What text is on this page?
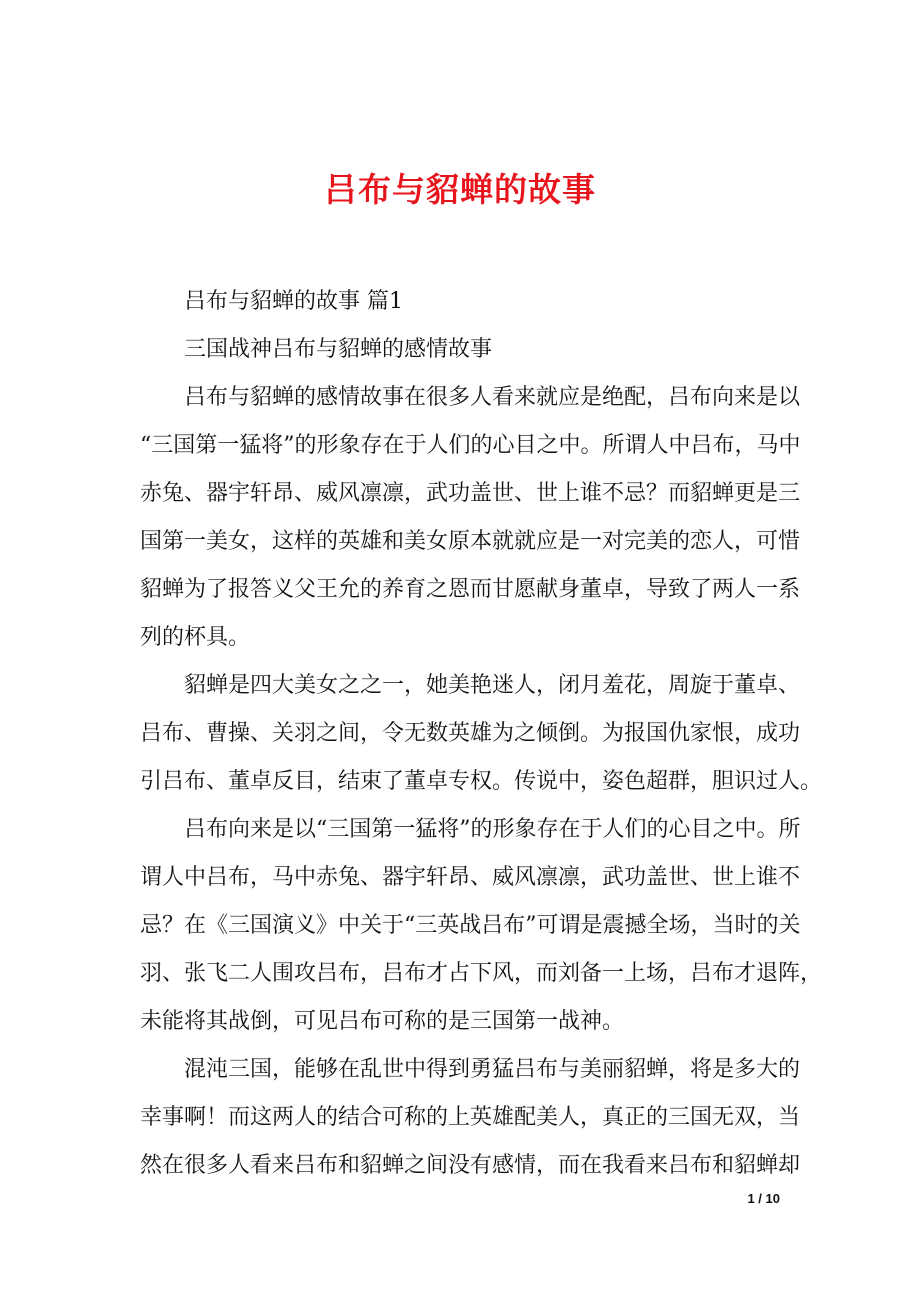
吕布与貂蝉的故事
吕布与貂蝉的故事 篇1
三国战神吕布与貂蝉的感情故事
吕布与貂蝉的感情故事在很多人看来就应是绝配，吕布向来是以
“三国第一猛将”的形象存在于人们的心目之中。所谓人中吕布，马中
赤兔、器宇轩昂、威风凛凛，武功盖世、世上谁不忌？而貂蝉更是三
国第一美女，这样的英雄和美女原本就就应是一对完美的恋人，可惜
貂蝉为了报答义父王允的养育之恩而甘愿献身董卓，导致了两人一系
列的杯具。
貂蝉是四大美女之之一，她美艳迷人，闭月羞花，周旋于董卓、
吕布、曹操、关羽之间，令无数英雄为之倾倒。为报国仇家恨，成功
引吕布、董卓反目，结束了董卓专权。传说中，姿色超群，胆识过人。
吕布向来是以“三国第一猛将”的形象存在于人们的心目之中。所
谓人中吕布，马中赤兔、器宇轩昂、威风凛凛，武功盖世、世上谁不
忌？在《三国演义》中关于“三英战吕布”可谓是震撼全场，当时的关
羽、张飞二人围攻吕布，吕布才占下风，而刘备一上场，吕布才退阵，
未能将其战倒，可见吕布可称的是三国第一战神。
混沌三国，能够在乱世中得到勇猛吕布与美丽貂蝉，将是多大的
幸事啊！而这两人的结合可称的上英雄配美人，真正的三国无双，当
然在很多人看来吕布和貂蝉之间没有感情，而在我看来吕布和貂蝉却
1 / 10
